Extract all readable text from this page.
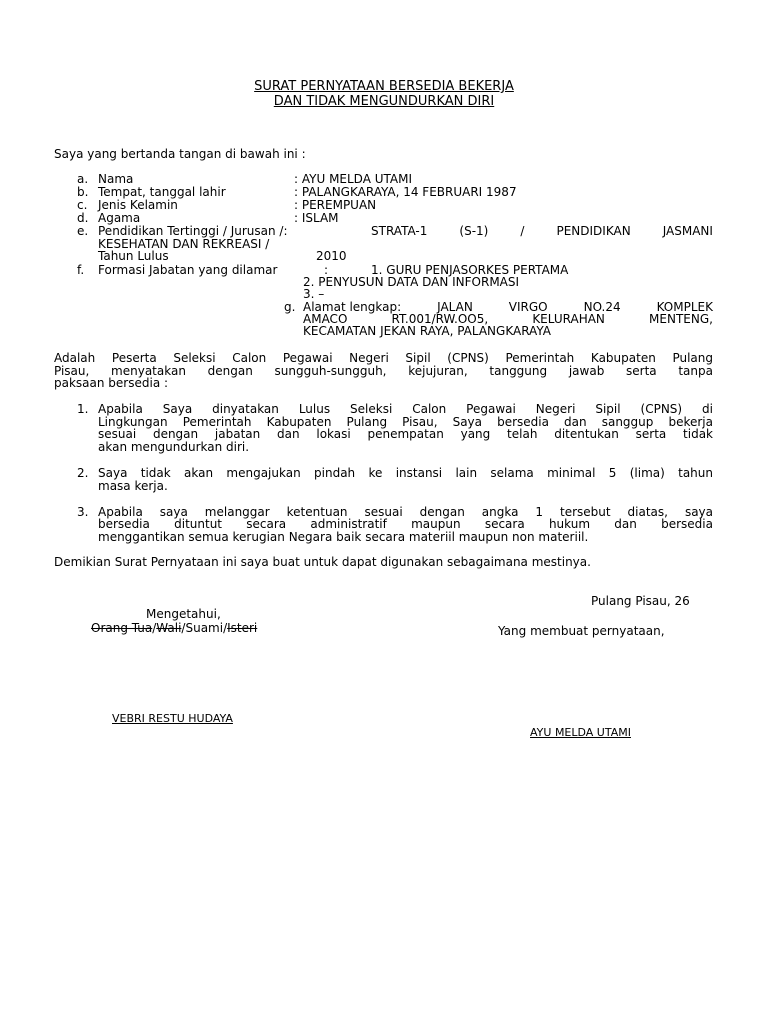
SURAT PERNYATAAN BERSEDIA BEKERJA
DAN TIDAK MENGUNDURKAN DIRI
Saya yang bertanda tangan di bawah ini :
a. Nama	: AYU MELDA UTAMI
b. Tempat, tanggal lahir	: PALANGKARAYA, 14 FEBRUARI 1987
c. Jenis Kelamin	: PEREMPUAN
d. Agama	: ISLAM
e. Pendidikan Tertinggi / Jurusan /:	STRATA-1	(S-1)	/	PENDIDIKAN	JASMANI
KESEHATAN DAN REKREASI /
Tahun Lulus	2010
f. Formasi Jabatan yang dilamar	:	1. GURU PENJASORKES PERTAMA
2. PENYUSUN DATA DAN INFORMASI
3. –
g. Alamat lengkap:	JALAN	VIRGO	NO.24	KOMPLEK
AMACO	RT.001/RW.OO5,	KELURAHAN	MENTENG,
KECAMATAN JEKAN RAYA, PALANGKARAYA
Adalah Peserta Seleksi Calon Pegawai Negeri Sipil (CPNS) Pemerintah Kabupaten Pulang
Pisau, menyatakan dengan sungguh-sungguh, kejujuran, tanggung jawab serta tanpa
paksaan bersedia :
1. Apabila Saya dinyatakan Lulus Seleksi Calon Pegawai Negeri Sipil (CPNS) di
Lingkungan Pemerintah Kabupaten Pulang Pisau, Saya bersedia dan sanggup bekerja
sesuai dengan jabatan dan lokasi penempatan yang telah ditentukan serta tidak
akan mengundurkan diri.
2. Saya tidak akan mengajukan pindah ke instansi lain selama minimal 5 (lima) tahun
masa kerja.
3. Apabila saya melanggar ketentuan sesuai dengan angka 1 tersebut diatas, saya
bersedia dituntut secara administratif maupun secara hukum dan bersedia
menggantikan semua kerugian Negara baik secara materiil maupun non materiil.
Demikian Surat Pernyataan ini saya buat untuk dapat digunakan sebagaimana mestinya.
Pulang Pisau, 26
Mengetahui,
Orang Tua/Wali/Suami/Isteri
VEBRI RESTU HUDAYA
Yang membuat pernyataan,
AYU MELDA UTAMI
